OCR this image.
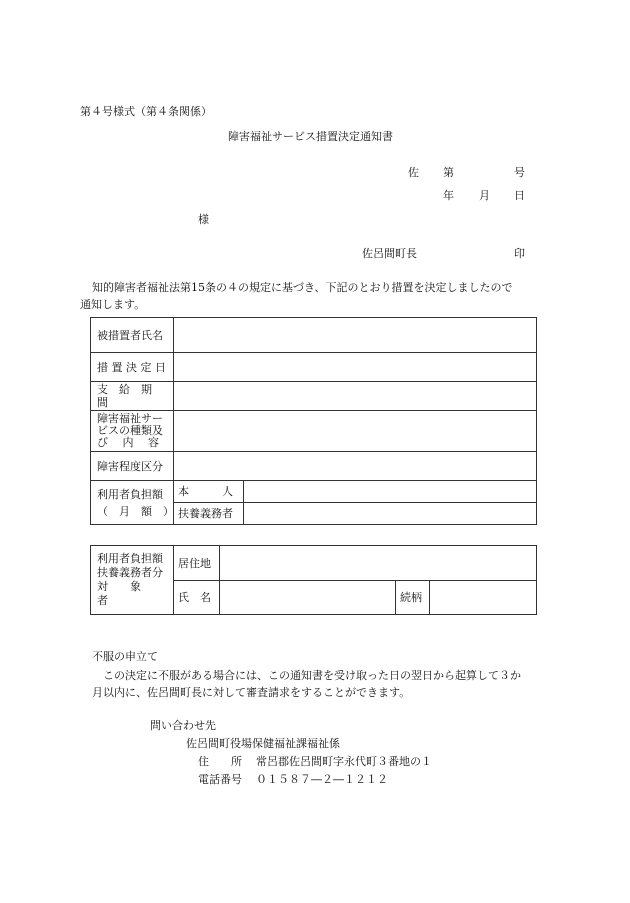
第４号様式（第４条関係）
障害福祉サービス措置決定通知書
佐 第	号
年 月 日
様
佐呂間町長	印
知的障害者福祉法第15条の４の規定に基づき、下記のとおり措置を決定しましたので
通知します。
被措置者氏名		
措 置 決 定 日		
支　給　期　間		

障害福祉サー
ビスの種類及
び　 内　 容		

障害程度区分		

利用者負担額
（　月　額　）	本　　　人	
	扶養義務者	
利用者負担額
扶養義務者分
対　　象　　者	居住地			
	氏　名		続柄	
不服の申立て
この決定に不服がある場合には、この通知書を受け取った日の翌日から起算して３か
月以内に、佐呂間町長に対して審査請求をすることができます。
問い合わせ先
佐呂間町役場保健福祉課福祉係
住　　所 常呂郡佐呂間町字永代町３番地の１
電話番号 ０１５８７―２―１２１２
